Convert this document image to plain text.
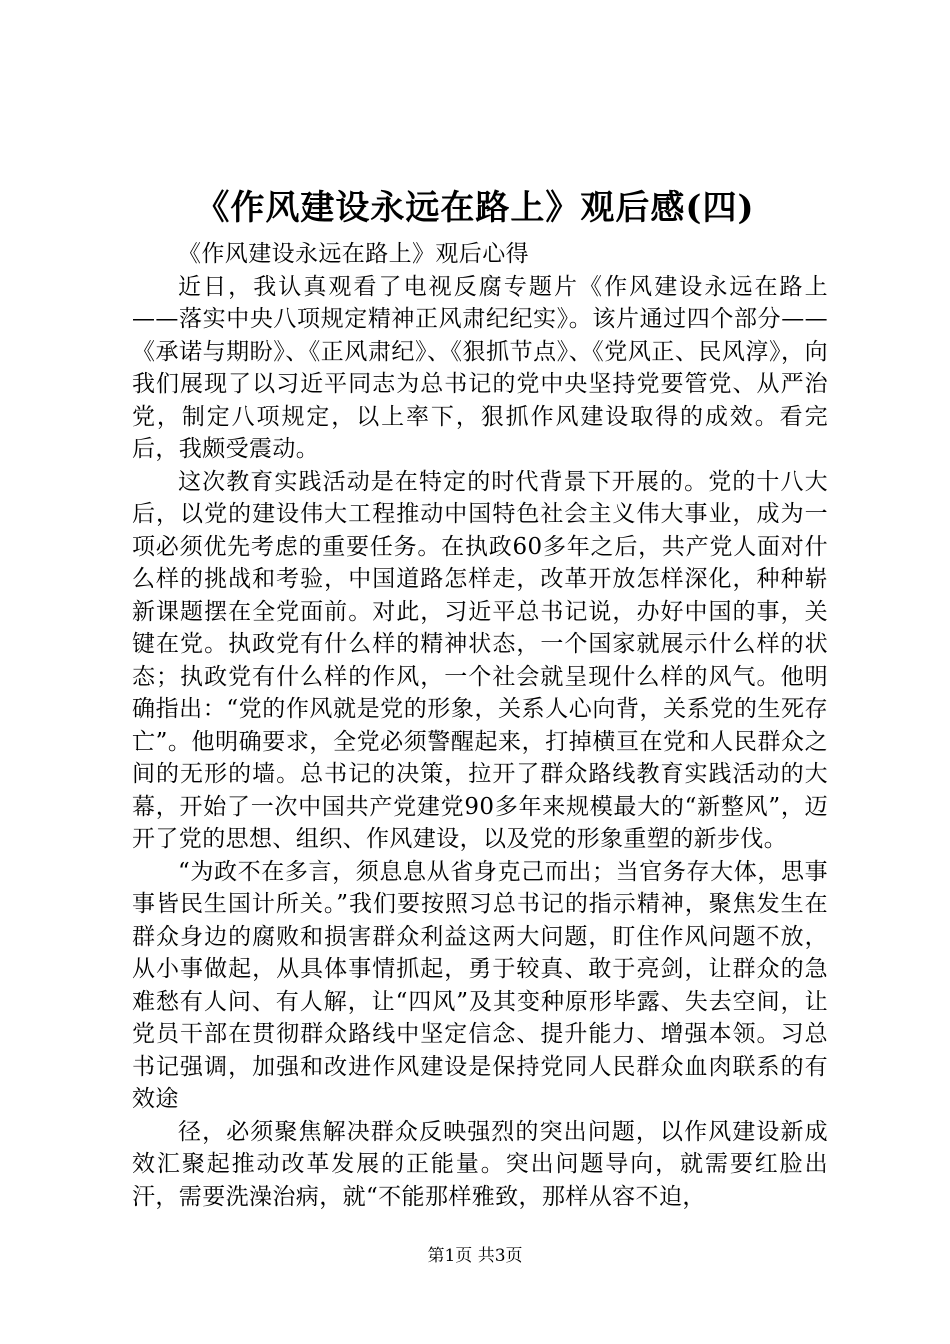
《作风建设永远在路上》观后感(四)

《作风建设永远在路上》观后心得

近日，我认真观看了电视反腐专题片《作风建设永远在路上——落实中央八项规定精神正风肃纪纪实》。该片通过四个部分——《承诺与期盼》、《正风肃纪》、《狠抓节点》、《党风正、民风淳》，向我们展现了以习近平同志为总书记的党中央坚持党要管党、从严治党，制定八项规定，以上率下，狠抓作风建设取得的成效。看完后，我颇受震动。

这次教育实践活动是在特定的时代背景下开展的。党的十八大后，以党的建设伟大工程推动中国特色社会主义伟大事业，成为一项必须优先考虑的重要任务。在执政60多年之后，共产党人面对什么样的挑战和考验，中国道路怎样走，改革开放怎样深化，种种崭新课题摆在全党面前。对此，习近平总书记说，办好中国的事，关键在党。执政党有什么样的精神状态，一个国家就展示什么样的状态；执政党有什么样的作风，一个社会就呈现什么样的风气。他明确指出：“党的作风就是党的形象，关系人心向背，关系党的生死存亡”。他明确要求，全党必须警醒起来，打掉横亘在党和人民群众之间的无形的墙。总书记的决策，拉开了群众路线教育实践活动的大幕，开始了一次中国共产党建党90多年来规模最大的“新整风”，迈开了党的思想、组织、作风建设，以及党的形象重塑的新步伐。

“为政不在多言，须息息从省身克己而出；当官务存大体，思事事皆民生国计所关。”我们要按照习总书记的指示精神，聚焦发生在群众身边的腐败和损害群众利益这两大问题，盯住作风问题不放，从小事做起，从具体事情抓起，勇于较真、敢于亮剑，让群众的急难愁有人问、有人解，让“四风”及其变种原形毕露、失去空间，让党员干部在贯彻群众路线中坚定信念、提升能力、增强本领。习总书记强调，加强和改进作风建设是保持党同人民群众血肉联系的有效途

径，必须聚焦解决群众反映强烈的突出问题，以作风建设新成效汇聚起推动改革发展的正能量。突出问题导向，就需要红脸出汗，需要洗澡治病，就“不能那样雅致，那样从容不迫，

第1页 共3页
